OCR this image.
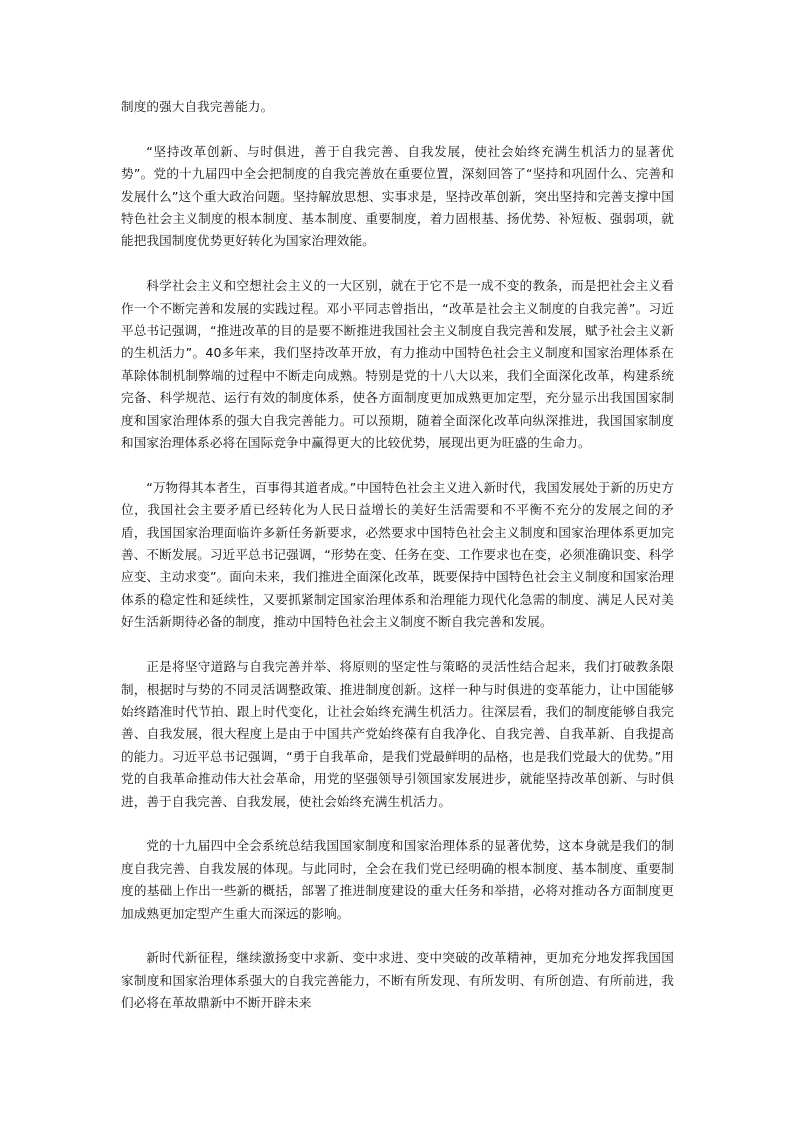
制度的强大自我完善能力。

“坚持改革创新、与时俱进，善于自我完善、自我发展，使社会始终充满生机活力的显著优势”。党的十九届四中全会把制度的自我完善放在重要位置，深刻回答了“坚持和巩固什么、完善和发展什么”这个重大政治问题。坚持解放思想、实事求是，坚持改革创新，突出坚持和完善支撑中国特色社会主义制度的根本制度、基本制度、重要制度，着力固根基、扬优势、补短板、强弱项，就能把我国制度优势更好转化为国家治理效能。

科学社会主义和空想社会主义的一大区别，就在于它不是一成不变的教条，而是把社会主义看作一个不断完善和发展的实践过程。邓小平同志曾指出，“改革是社会主义制度的自我完善”。习近平总书记强调，“推进改革的目的是要不断推进我国社会主义制度自我完善和发展，赋予社会主义新的生机活力”。40多年来，我们坚持改革开放，有力推动中国特色社会主义制度和国家治理体系在革除体制机制弊端的过程中不断走向成熟。特别是党的十八大以来，我们全面深化改革，构建系统完备、科学规范、运行有效的制度体系，使各方面制度更加成熟更加定型，充分显示出我国国家制度和国家治理体系的强大自我完善能力。可以预期，随着全面深化改革向纵深推进，我国国家制度和国家治理体系必将在国际竞争中赢得更大的比较优势，展现出更为旺盛的生命力。

“万物得其本者生，百事得其道者成。”中国特色社会主义进入新时代，我国发展处于新的历史方位，我国社会主要矛盾已经转化为人民日益增长的美好生活需要和不平衡不充分的发展之间的矛盾，我国国家治理面临许多新任务新要求，必然要求中国特色社会主义制度和国家治理体系更加完善、不断发展。习近平总书记强调，“形势在变、任务在变、工作要求也在变，必须准确识变、科学应变、主动求变”。面向未来，我们推进全面深化改革，既要保持中国特色社会主义制度和国家治理体系的稳定性和延续性，又要抓紧制定国家治理体系和治理能力现代化急需的制度、满足人民对美好生活新期待必备的制度，推动中国特色社会主义制度不断自我完善和发展。

正是将坚守道路与自我完善并举、将原则的坚定性与策略的灵活性结合起来，我们打破教条限制，根据时与势的不同灵活调整政策、推进制度创新。这样一种与时俱进的变革能力，让中国能够始终踏准时代节拍、跟上时代变化，让社会始终充满生机活力。往深层看，我们的制度能够自我完善、自我发展，很大程度上是由于中国共产党始终葆有自我净化、自我完善、自我革新、自我提高的能力。习近平总书记强调，“勇于自我革命，是我们党最鲜明的品格，也是我们党最大的优势。”用党的自我革命推动伟大社会革命，用党的坚强领导引领国家发展进步，就能坚持改革创新、与时俱进，善于自我完善、自我发展，使社会始终充满生机活力。

党的十九届四中全会系统总结我国国家制度和国家治理体系的显著优势，这本身就是我们的制度自我完善、自我发展的体现。与此同时，全会在我们党已经明确的根本制度、基本制度、重要制度的基础上作出一些新的概括，部署了推进制度建设的重大任务和举措，必将对推动各方面制度更加成熟更加定型产生重大而深远的影响。

新时代新征程，继续激扬变中求新、变中求进、变中突破的改革精神，更加充分地发挥我国国家制度和国家治理体系强大的自我完善能力，不断有所发现、有所发明、有所创造、有所前进，我们必将在革故鼎新中不断开辟未来
